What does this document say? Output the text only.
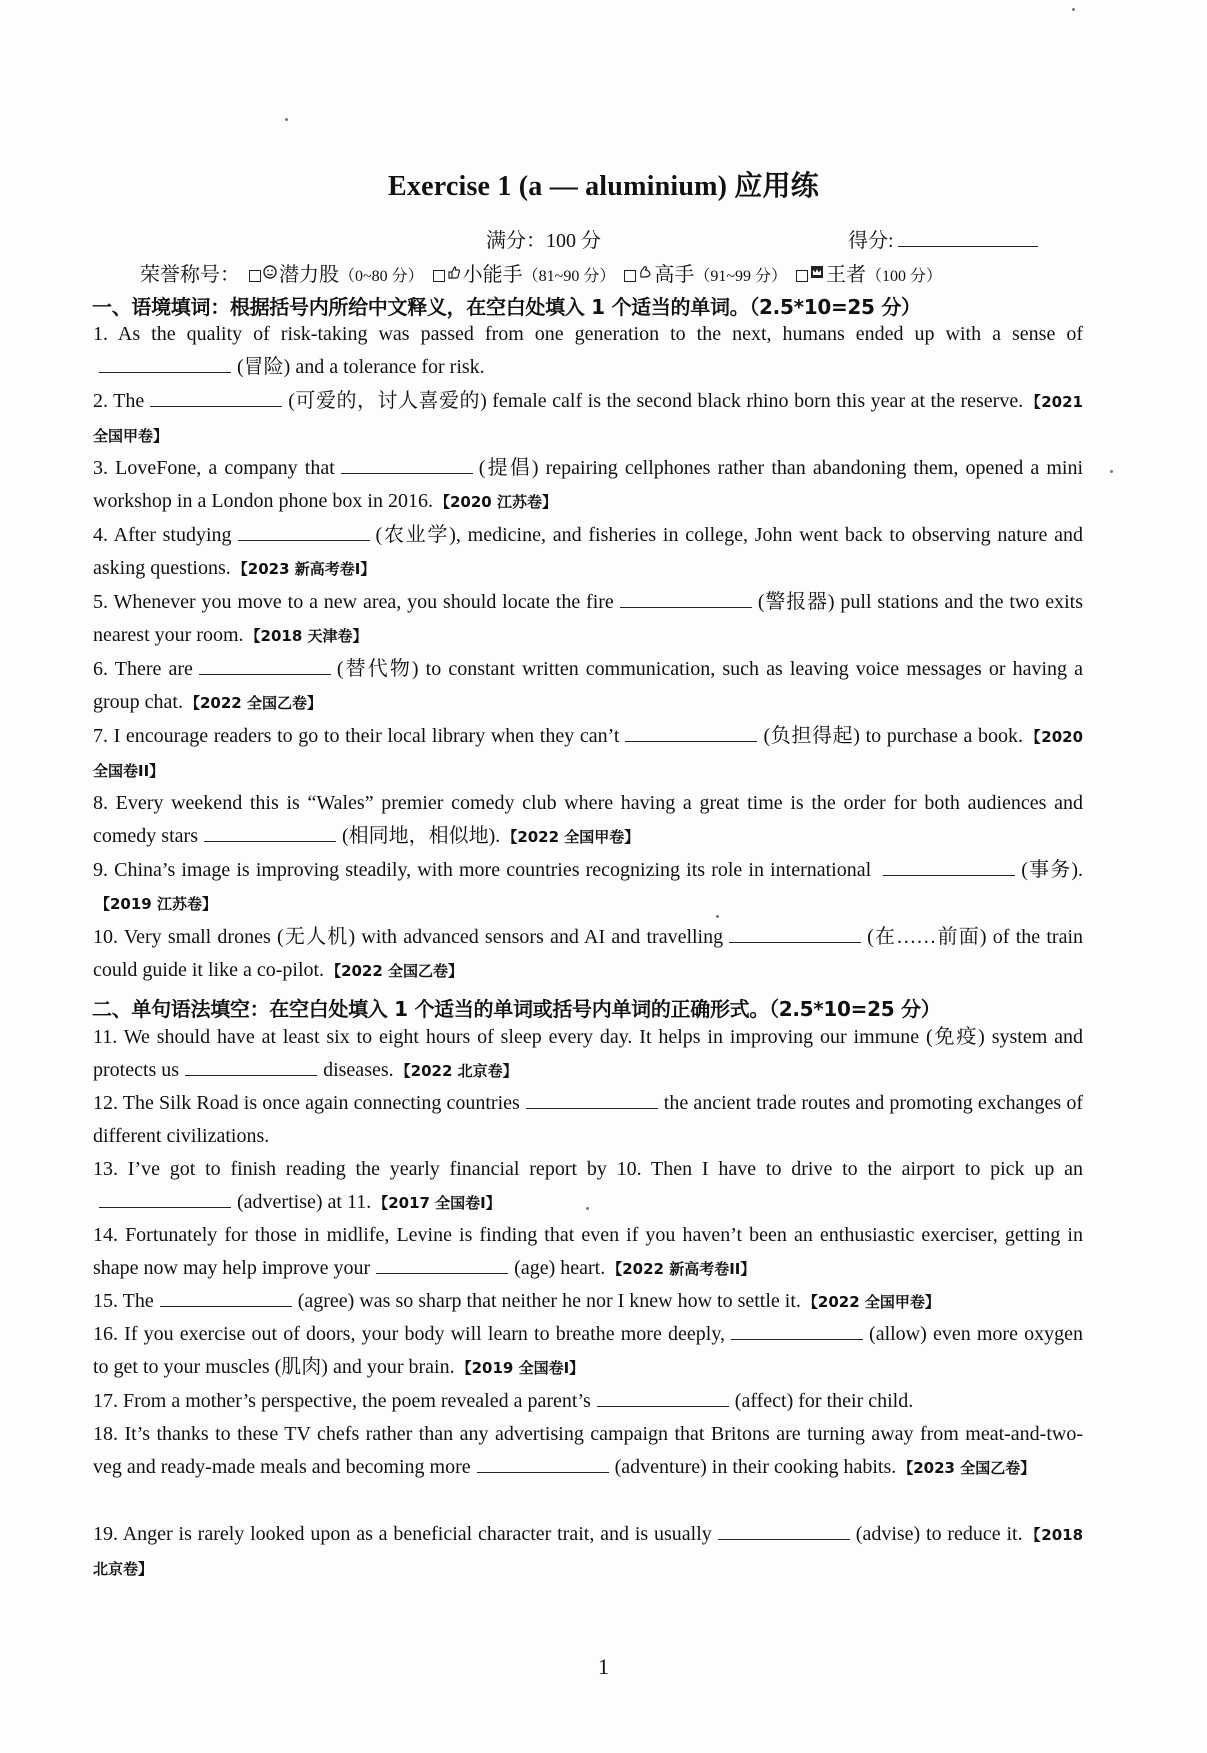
Exercise 1 (a — aluminium) 应用练
满分：100 分	得分:
荣誉称号： 潜力股（0~80 分） 小能手（81~90 分） 高手（91~99 分） 王者（100 分）
一、语境填词：根据括号内所给中文释义，在空白处填入 1 个适当的单词。（2.5*10=25 分）
1. As the quality of risk-taking was passed from one generation to the next, humans ended up with a sense of (冒险) and a tolerance for risk.
2. The	(可爱的，讨人喜爱的) female calf is the second black rhino born this year at the reserve. 【2021 全国甲卷】
3. LoveFone, a company that	(提倡) repairing cellphones rather than abandoning them, opened a mini workshop in a London phone box in 2016. 【2020 江苏卷】
4. After studying	(农业学), medicine, and fisheries in college, John went back to observing nature and asking questions. 【2023 新高考卷I】
5. Whenever you move to a new area, you should locate the fire	(警报器) pull stations and the two exits nearest your room. 【2018 天津卷】
6. There are	(替代物) to constant written communication, such as leaving voice messages or having a group chat. 【2022 全国乙卷】
7. I encourage readers to go to their local library when they can’t	(负担得起) to purchase a book. 【2020 全国卷II】
8. Every weekend this is “Wales” premier comedy club where having a great time is the order for both audiences and comedy stars	(相同地，相似地). 【2022 全国甲卷】
9. China’s image is improving steadily, with more countries recognizing its role in international	(事务).【2019 江苏卷】
10. Very small drones (无人机) with advanced sensors and AI and travelling	(在……前面) of the train could guide it like a co-pilot. 【2022 全国乙卷】
二、单句语法填空：在空白处填入 1 个适当的单词或括号内单词的正确形式。（2.5*10=25 分）
11. We should have at least six to eight hours of sleep every day. It helps in improving our immune (免疫) system and protects us	diseases. 【2022 北京卷】
12. The Silk Road is once again connecting countries	the ancient trade routes and promoting exchanges of different civilizations.
13. I’ve got to finish reading the yearly financial report by 10. Then I have to drive to the airport to pick up an (advertise) at 11. 【2017 全国卷I】
14. Fortunately for those in midlife, Levine is finding that even if you haven’t been an enthusiastic exerciser, getting in shape now may help improve your	(age) heart. 【2022 新高考卷II】
15. The	(agree) was so sharp that neither he nor I knew how to settle it. 【2022 全国甲卷】
16. If you exercise out of doors, your body will learn to breathe more deeply,	(allow) even more oxygen to get to your muscles (肌肉) and your brain. 【2019 全国卷I】
17. From a mother’s perspective, the poem revealed a parent’s	(affect) for their child.
18. It’s thanks to these TV chefs rather than any advertising campaign that Britons are turning away from meat-and-two-veg and ready-made meals and becoming more	(adventure) in their cooking habits. 【2023 全国乙卷】
19. Anger is rarely looked upon as a beneficial character trait, and is usually	(advise) to reduce it. 【2018 北京卷】
1
